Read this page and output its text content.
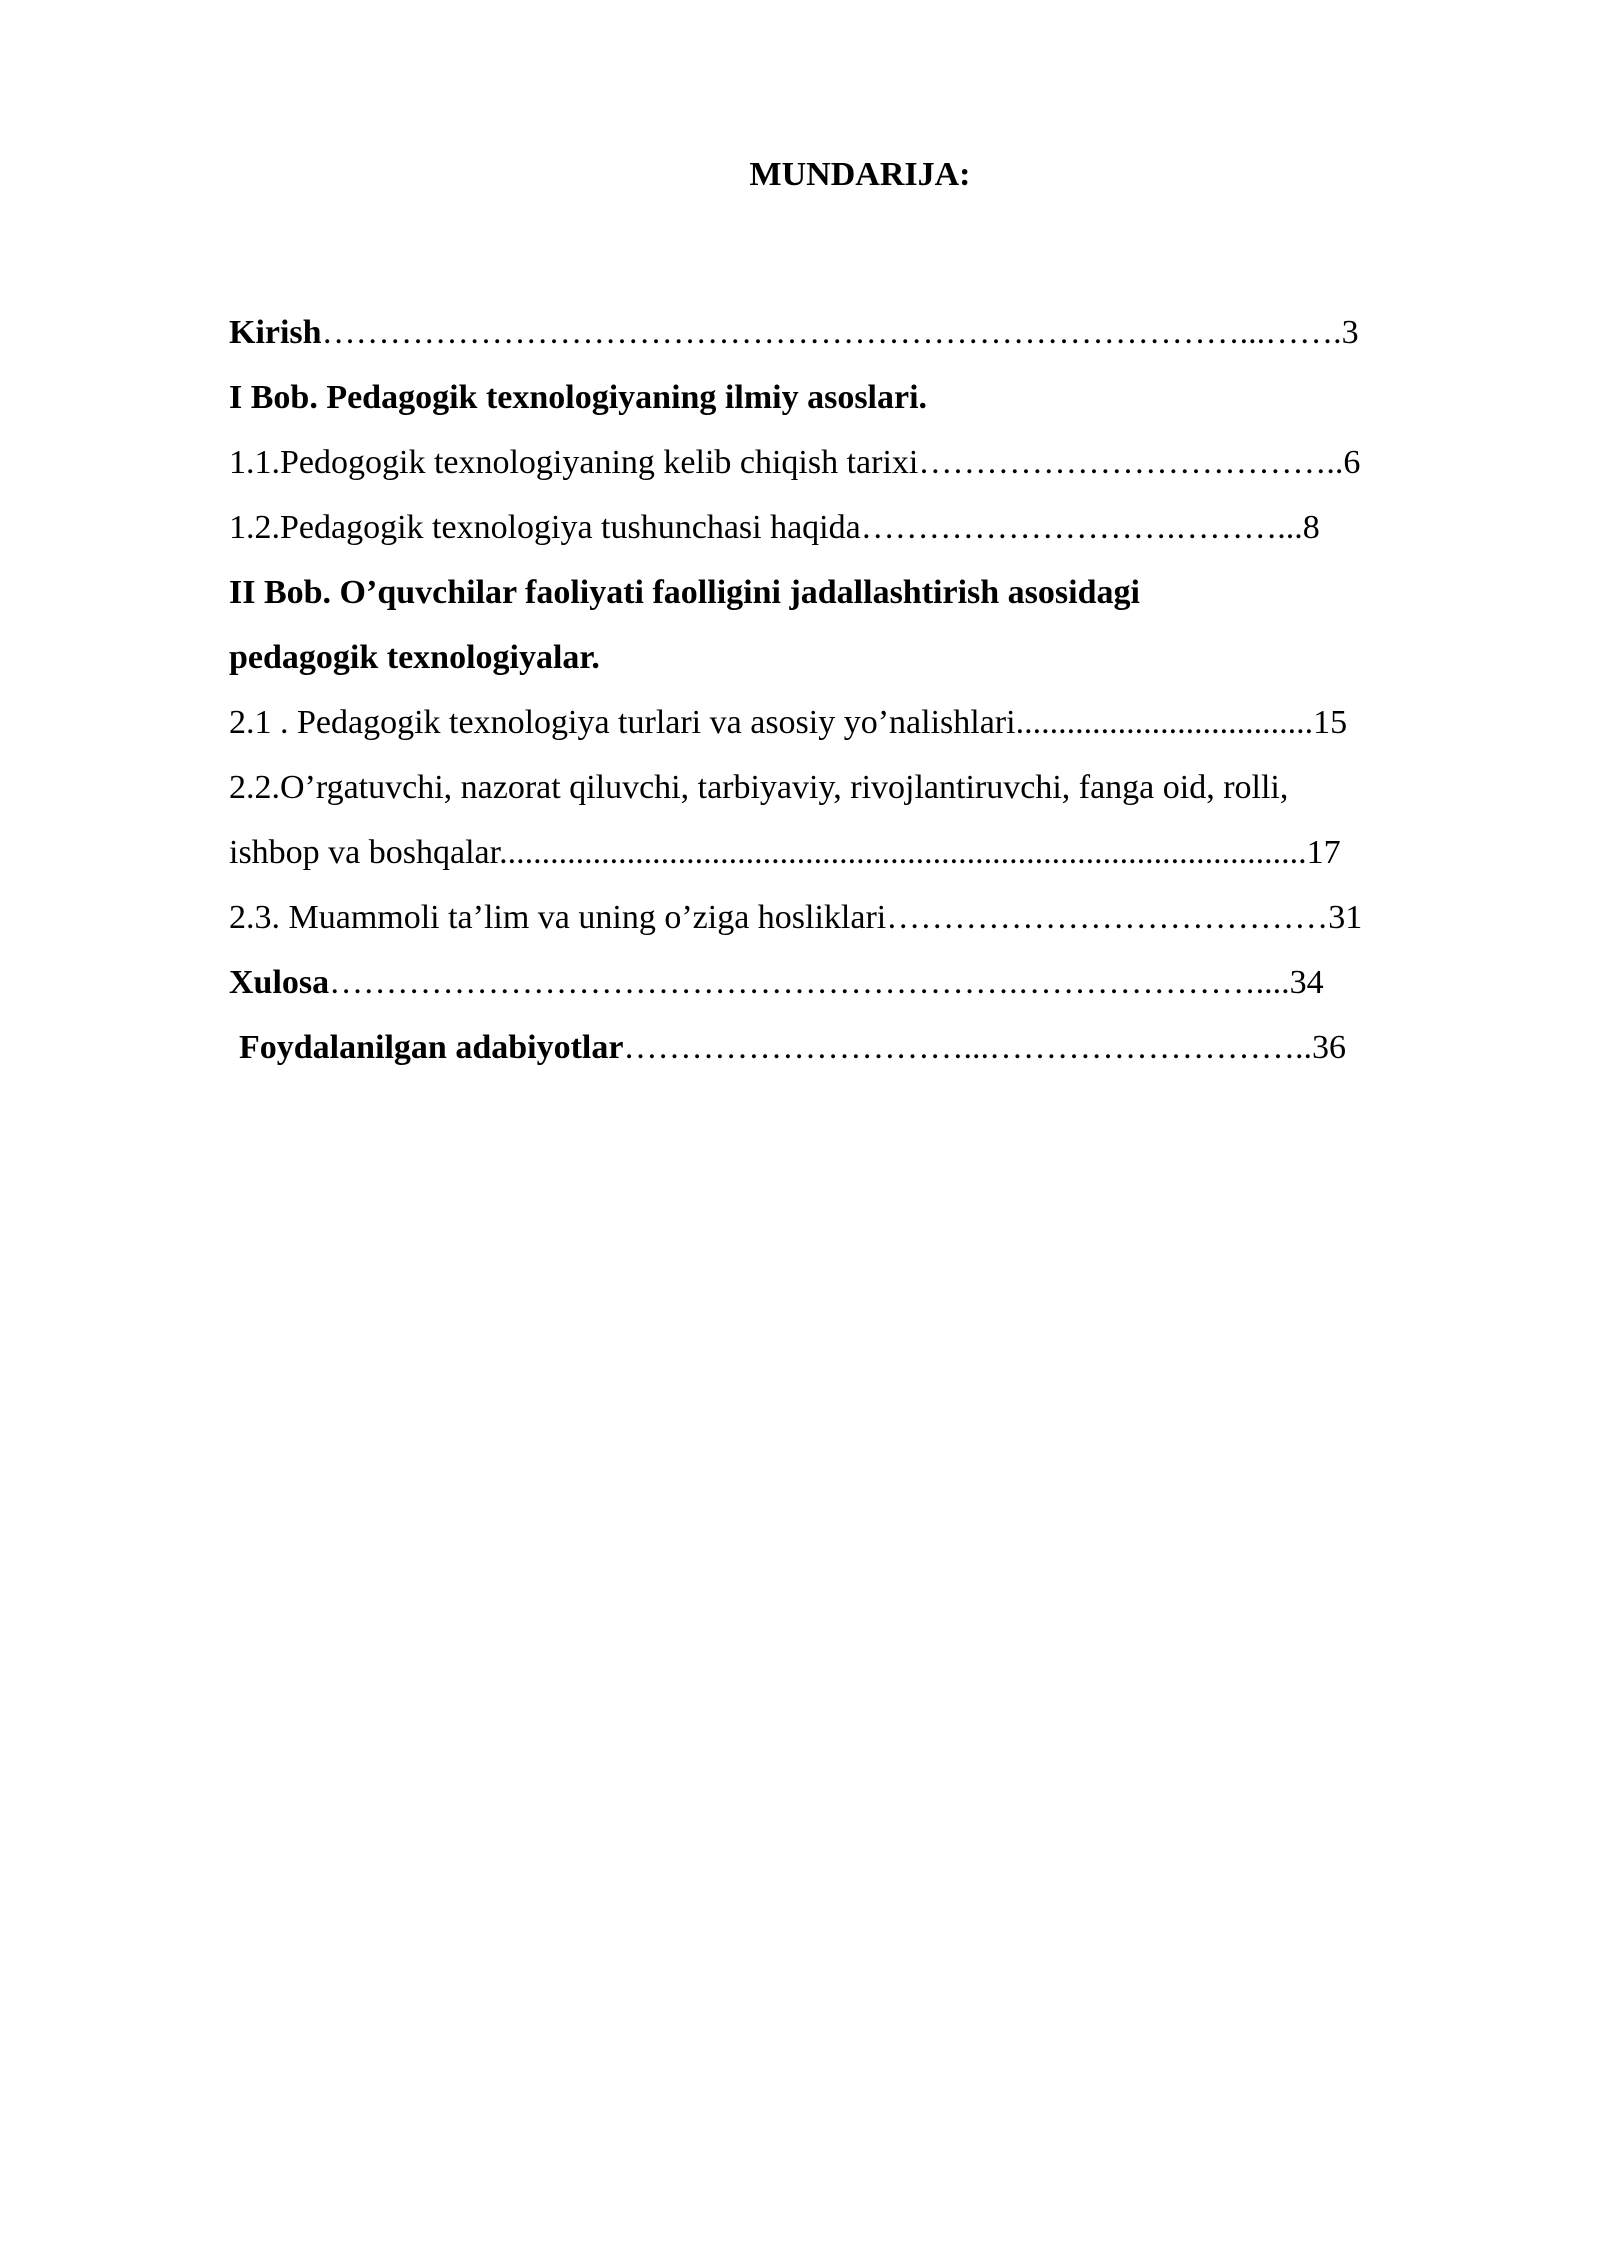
MUNDARIJA:
Kirish………………………………………………………………………...…….3
I Bob. Pedagogik texnologiyaning ilmiy asoslari.
1.1.Pedogogik texnologiyaning kelib chiqish tarixi………………………………..6
1.2.Pedagogik texnologiya tushunchasi haqida……………………….………...8
II Bob. O’quvchilar faoliyati faolligini jadallashtirish asosidagi
pedagogik texnologiyalar.
2.1 . Pedagogik texnologiya turlari va asosiy yo’nalishlari...................................15
2.2.O’rgatuvchi, nazorat qiluvchi, tarbiyaviy, rivojlantiruvchi, fanga oid, rolli,
ishbop va boshqalar...............................................................................................17
2.3. Muammoli ta’lim va uning o’ziga hosliklari…………………………………31
Xulosa…………………………………………………….…………………....34
Foydalanilgan adabiyotlar…………………………...………………………..36
